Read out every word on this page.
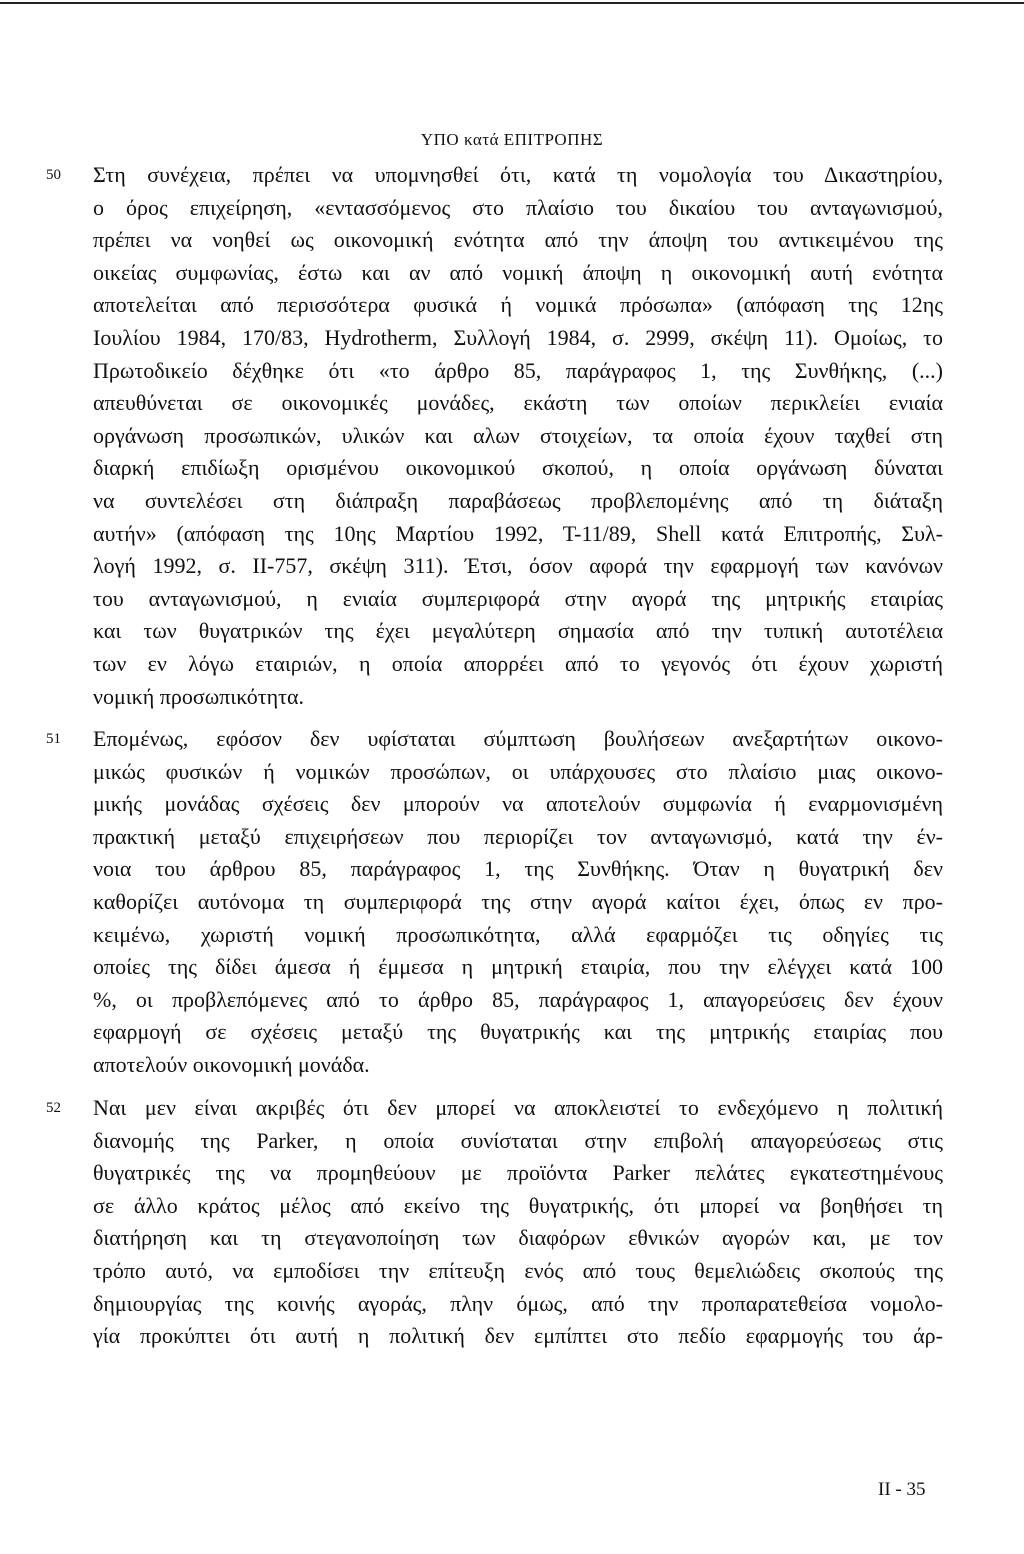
ΥΠΟ κατά ΕΠΙΤΡΟΠΗΣ
50 Στη συνέχεια, πρέπει να υπομνησθεί ότι, κατά τη νομολογία του Δικαστηρίου,
ο όρος επιχείρηση, «εντασσόμενος στο πλαίσιο του δικαίου του ανταγωνισμού,
πρέπει να νοηθεί ως οικονομική ενότητα από την άποψη του αντικειμένου της
οικείας συμφωνίας, έστω και αν από νομική άποψη η οικονομική αυτή ενότητα
αποτελείται από περισσότερα φυσικά ή νομικά πρόσωπα» (απόφαση της 12ης
Ιουλίου 1984, 170/83, Hydrotherm, Συλλογή 1984, σ. 2999, σκέψη 11). Ομοίως, το
Πρωτοδικείο δέχθηκε ότι «το άρθρο 85, παράγραφος 1, της Συνθήκης, (...)
απευθύνεται σε οικονομικές μονάδες, εκάστη των οποίων περικλείει ενιαία
οργάνωση προσωπικών, υλικών και αλων στοιχείων, τα οποία έχουν ταχθεί στη
διαρκή επιδίωξη ορισμένου οικονομικού σκοπού, η οποία οργάνωση δύναται
να συντελέσει στη διάπραξη παραβάσεως προβλεπομένης από τη διάταξη
αυτήν» (απόφαση της 10ης Μαρτίου 1992, Τ-11/89, Shell κατά Επιτροπής, Συλ-
λογή 1992, σ. II-757, σκέψη 311). Έτσι, όσον αφορά την εφαρμογή των κανόνων
του ανταγωνισμού, η ενιαία συμπεριφορά στην αγορά της μητρικής εταιρίας
και των θυγατρικών της έχει μεγαλύτερη σημασία από την τυπική αυτοτέλεια
των εν λόγω εταιριών, η οποία απορρέει από το γεγονός ότι έχουν χωριστή
νομική προσωπικότητα.
51 Επομένως, εφόσον δεν υφίσταται σύμπτωση βουλήσεων ανεξαρτήτων οικονο-
μικώς φυσικών ή νομικών προσώπων, οι υπάρχουσες στο πλαίσιο μιας οικονο-
μικής μονάδας σχέσεις δεν μπορούν να αποτελούν συμφωνία ή εναρμονισμένη
πρακτική μεταξύ επιχειρήσεων που περιορίζει τον ανταγωνισμό, κατά την έν-
νοια του άρθρου 85, παράγραφος 1, της Συνθήκης. Όταν η θυγατρική δεν
καθορίζει αυτόνομα τη συμπεριφορά της στην αγορά καίτοι έχει, όπως εν προ-
κειμένω, χωριστή νομική προσωπικότητα, αλλά εφαρμόζει τις οδηγίες τις
οποίες της δίδει άμεσα ή έμμεσα η μητρική εταιρία, που την ελέγχει κατά 100
%, οι προβλεπόμενες από το άρθρο 85, παράγραφος 1, απαγορεύσεις δεν έχουν
εφαρμογή σε σχέσεις μεταξύ της θυγατρικής και της μητρικής εταιρίας που
αποτελούν οικονομική μονάδα.
52 Ναι μεν είναι ακριβές ότι δεν μπορεί να αποκλειστεί το ενδεχόμενο η πολιτική
διανομής της Parker, η οποία συνίσταται στην επιβολή απαγορεύσεως στις
θυγατρικές της να προμηθεύουν με προϊόντα Parker πελάτες εγκατεστημένους
σε άλλο κράτος μέλος από εκείνο της θυγατρικής, ότι μπορεί να βοηθήσει τη
διατήρηση και τη στεγανοποίηση των διαφόρων εθνικών αγορών και, με τον
τρόπο αυτό, να εμποδίσει την επίτευξη ενός από τους θεμελιώδεις σκοπούς της
δημιουργίας της κοινής αγοράς, πλην όμως, από την προπαρατεθείσα νομολο-
γία προκύπτει ότι αυτή η πολιτική δεν εμπίπτει στο πεδίο εφαρμογής του άρ-
II - 35
